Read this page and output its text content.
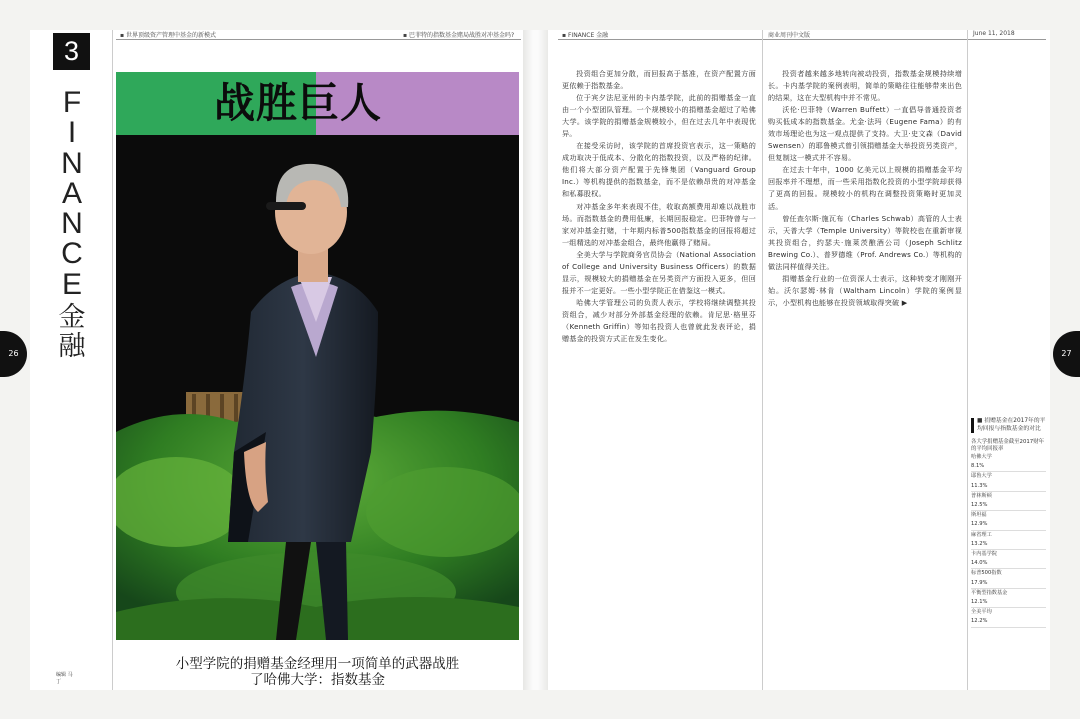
▪ 世界顶级资产管理中基金的新模式	▪ 巴菲特的指数基金赌局战胜对冲基金吗?
3
F
I
N
A
N
C
E
金融
编辑 马丁
战胜巨人
小型学院的捐赠基金经理用一项简单的武器战胜
了哈佛大学：指数基金
26
▪ FINANCE 金融	商业周刊中文版	June 11, 2018

投资组合更加分散，而回报高于基准，在资产配置方面更依赖于指数基金。

位于宾夕法尼亚州的卡内基学院，此前的捐赠基金一直由一个小型团队管理。一个规模较小的捐赠基金超过了哈佛大学。该学院的捐赠基金规模较小，但在过去几年中表现优异。

在接受采访时，该学院的首席投资官表示，这一策略的成功取决于低成本、分散化的指数投资，以及严格的纪律。他们将大部分资产配置于先锋集团（Vanguard Group Inc.）等机构提供的指数基金，而不是依赖昂贵的对冲基金和私募股权。

对冲基金多年来表现不佳，收取高额费用却难以战胜市场。而指数基金的费用低廉，长期回报稳定。巴菲特曾与一家对冲基金打赌，十年期内标普500指数基金的回报将超过一组精选的对冲基金组合，最终他赢得了赌局。

全美大学与学院商务官员协会（National Association of College and University Business Officers）的数据显示，规模较大的捐赠基金在另类资产方面投入更多，但回报并不一定更好。一些小型学院正在借鉴这一模式。

哈佛大学管理公司的负责人表示，学校将继续调整其投资组合，减少对部分外部基金经理的依赖。肯尼思·格里芬（Kenneth Griffin）等知名投资人也曾就此发表评论，捐赠基金的投资方式正在发生变化。

投资者越来越多地转向被动投资，指数基金规模持续增长。卡内基学院的案例表明，简单的策略往往能够带来出色的结果，这在大型机构中并不常见。

沃伦·巴菲特（Warren Buffett）一直倡导普通投资者购买低成本的指数基金。尤金·法玛（Eugene Fama）的有效市场理论也为这一观点提供了支持。大卫·史文森（David Swensen）的耶鲁模式曾引领捐赠基金大举投资另类资产，但复制这一模式并不容易。

在过去十年中，1000 亿美元以上规模的捐赠基金平均回报率并不理想，而一些采用指数化投资的小型学院却获得了更高的回报。规模较小的机构在调整投资策略时更加灵活。

曾任查尔斯·施瓦布（Charles Schwab）高管的人士表示，天普大学（Temple University）等院校也在重新审视其投资组合，约瑟夫·施莱茨酿酒公司（Joseph Schlitz Brewing Co.）、普罗德维（Prof. Andrews Co.）等机构的做法同样值得关注。

捐赠基金行业的一位资深人士表示，这种转变才刚刚开始。沃尔瑟姆·林肯（Waltham Lincoln）学院的案例显示，小型机构也能够在投资领域取得突破 ▶

■ 捐赠基金在2017年的平均回报与指数基金的对比
各大学捐赠基金截至2017财年的平均回报率
哈佛大学8.1%
耶鲁大学11.3%
普林斯顿12.5%
斯坦福12.9%
麻省理工13.2%
卡内基学院14.0%
标普500指数17.9%
平衡型指数基金12.1%
全美平均12.2%
27
